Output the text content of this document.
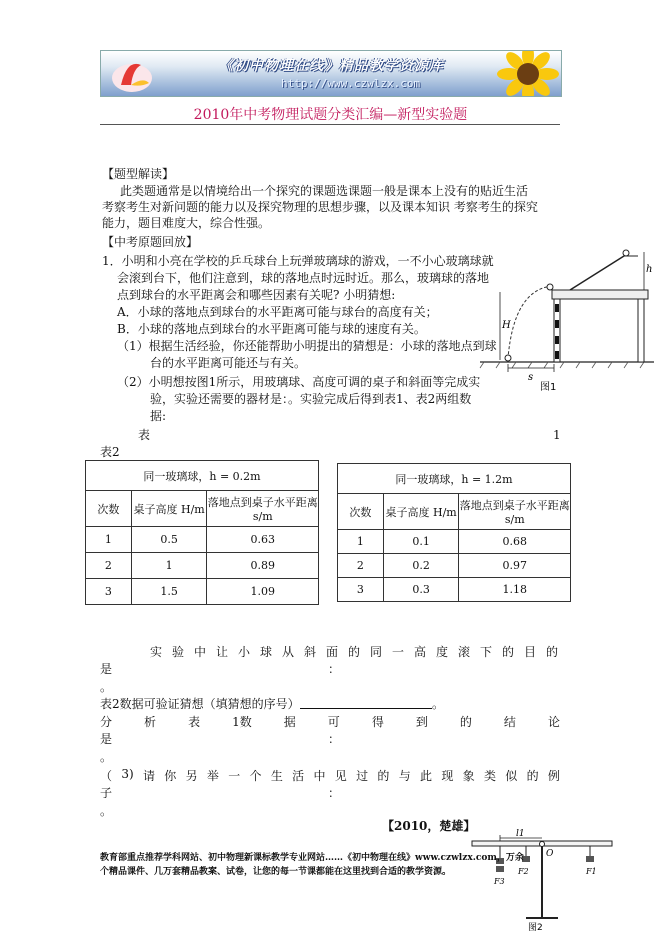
《初中物理在线》精品教学资源库
http://www.czwlzx.com
2010年中考物理试题分类汇编—新型实验题
【题型解读】
此类题通常是以情境给出一个探究的课题选课题一般是课本上没有的贴近生活
考察考生对新问题的能力以及探究物理的思想步骤，以及课本知识 考察考生的探究
能力，题目难度大，综合性强。
【中考原题回放】
1．小明和小亮在学校的乒乓球台上玩弹玻璃球的游戏，一不小心玻璃球就
会滚到台下，他们注意到，球的落地点时远时近。那么，玻璃球的落地
点到球台的水平距离会和哪些因素有关呢? 小明猜想:
A．小球的落地点到球台的水平距离可能与球台的高度有关；
B．小球的落地点到球台的水平距离可能与球的速度有关。
（1）根据生活经验，你还能帮助小明提出的猜想是：小球的落地点到球
台的水平距离可能还与有关。
（2）小明想按图1所示，用玻璃球、高度可调的桌子和斜面等完成实
验，实验还需要的器材是：。实验完成后得到表1、表2两组数
据:
表	1
表2
H
h
s
图1
同一玻璃球，h = 0.2m		
次数	桌子高度 H/m	落地点到桌子水平距离 s/m
1	0.5	0.63
2	1	0.89
3	1.5	1.09
同一玻璃球，h = 1.2m		
次数	桌子高度 H/m	落地点到桌子水平距离 s/m
1	0.1	0.68
2	0.2	0.97
3	0.3	1.18
实验中让小球从斜面的同一高度滚下的目的
是	：
。
表2数据可验证猜想（填猜想的序号）	。
分	析	表	1数	据	可	得	到	的	结	论
是	：
。
（ 3) 请 你 另 举 一 个 生 活 中 见 过 的 与 此 现 象 类 似 的 例
子	：
。
【2010，楚雄】
l1
O
F2
F3
F1
图2
教育部重点推荐学科网站、初中物理新课标教学专业网站……《初中物理在线》www.czwlzx.com，万余
个精品课件、几万套精品教案、试卷，让您的每一节课都能在这里找到合适的教学资源。
